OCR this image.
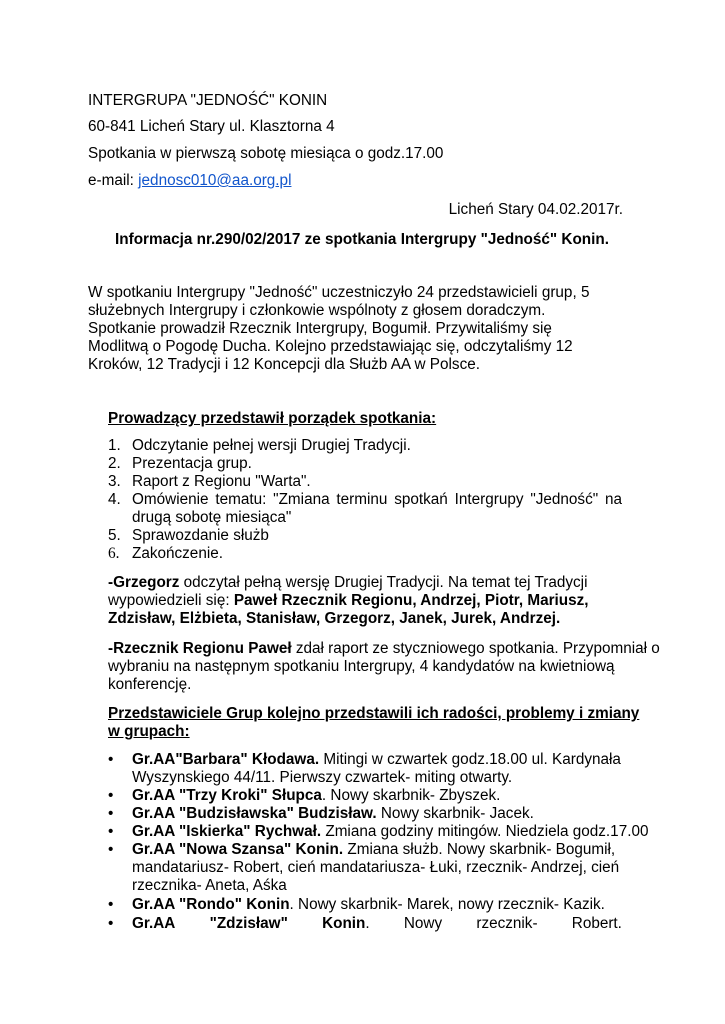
INTERGRUPA "JEDNOŚĆ" KONIN
60-841 Licheń Stary ul. Klasztorna 4
Spotkania w pierwszą sobotę miesiąca o godz.17.00
e-mail: jednosc010@aa.org.pl
Licheń Stary 04.02.2017r.
Informacja nr.290/02/2017 ze spotkania Intergrupy "Jedność" Konin.
W spotkaniu Intergrupy "Jedność" uczestniczyło 24 przedstawicieli grup, 5
służebnych Intergrupy i członkowie wspólnoty z głosem doradczym.
Spotkanie prowadził Rzecznik Intergrupy, Bogumił. Przywitaliśmy się
Modlitwą o Pogodę Ducha. Kolejno przedstawiając się, odczytaliśmy 12
Kroków, 12 Tradycji i 12 Koncepcji dla Służb AA w Polsce.
Prowadzący przedstawił porządek spotkania:
1. Odczytanie pełnej wersji Drugiej Tradycji.
2. Prezentacja grup.
3. Raport z Regionu "Warta".
4. Omówienie tematu: "Zmiana terminu spotkań Intergrupy "Jedność" na
drugą sobotę miesiąca"
5. Sprawozdanie służb
6. Zakończenie.
-Grzegorz odczytał pełną wersję Drugiej Tradycji. Na temat tej Tradycji
wypowiedzieli się: Paweł Rzecznik Regionu, Andrzej, Piotr, Mariusz,
Zdzisław, Elżbieta, Stanisław, Grzegorz, Janek, Jurek, Andrzej.
-Rzecznik Regionu Paweł zdał raport ze styczniowego spotkania. Przypomniał o
wybraniu na następnym spotkaniu Intergrupy, 4 kandydatów na kwietniową
konferencję.
Przedstawiciele Grup kolejno przedstawili ich radości, problemy i zmiany
w grupach:
• Gr.AA"Barbara" Kłodawa. Mitingi w czwartek godz.18.00 ul. Kardynała
Wyszynskiego 44/11. Pierwszy czwartek- miting otwarty.
• Gr.AA "Trzy Kroki" Słupca. Nowy skarbnik- Zbyszek.
• Gr.AA "Budzisławska" Budzisław. Nowy skarbnik- Jacek.
• Gr.AA "Iskierka" Rychwał. Zmiana godziny mitingów. Niedziela godz.17.00
• Gr.AA "Nowa Szansa" Konin. Zmiana służb. Nowy skarbnik- Bogumił,
mandatariusz- Robert, cień mandatariusza- Łuki, rzecznik- Andrzej, cień
rzecznika- Aneta, Aśka
• Gr.AA "Rondo" Konin. Nowy skarbnik- Marek, nowy rzecznik- Kazik.
• Gr.AA "Zdzisław" Konin. Nowy rzecznik- Robert.
